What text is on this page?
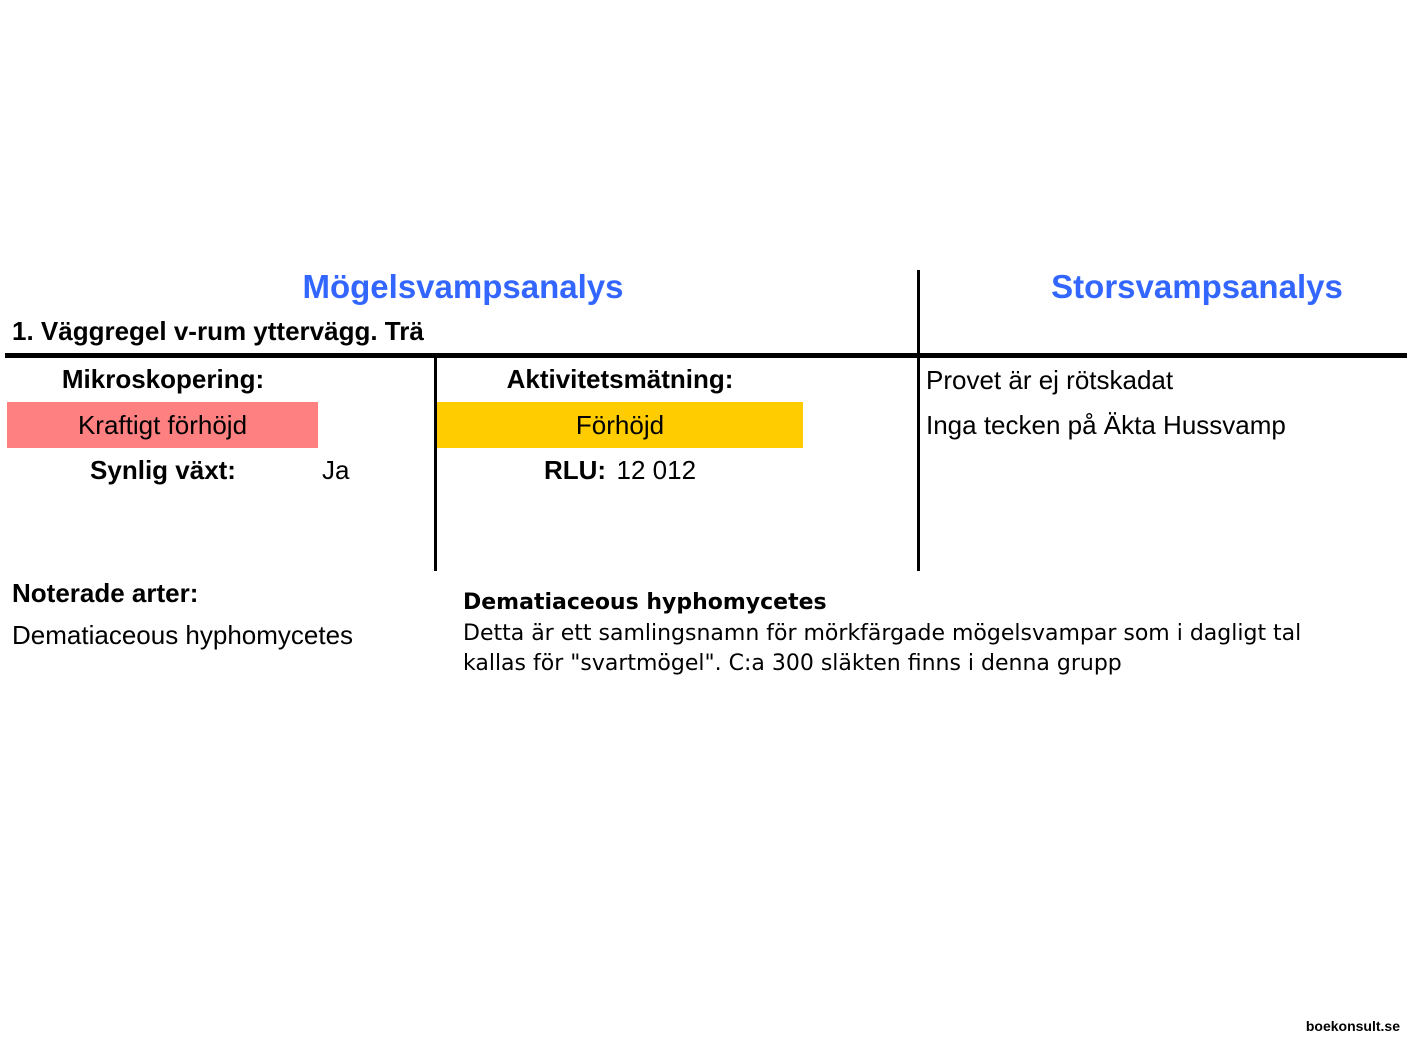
Mögelsvampsanalys	Storsvampsanalys
1. Väggregel v-rum yttervägg. Trä
Mikroskopering:
Kraftigt förhöjd
Synlig växt:	Ja
Aktivitetsmätning:
Förhöjd
RLU: 12 012
Provet är ej rötskadat
Inga tecken på Äkta Hussvamp
Noterade arter:
Dematiaceous hyphomycetes
Dematiaceous hyphomycetes
Detta är ett samlingsnamn för mörkfärgade mögelsvampar som i dagligt tal kallas för "svartmögel". C:a 300 släkten finns i denna grupp
boekonsult.se
